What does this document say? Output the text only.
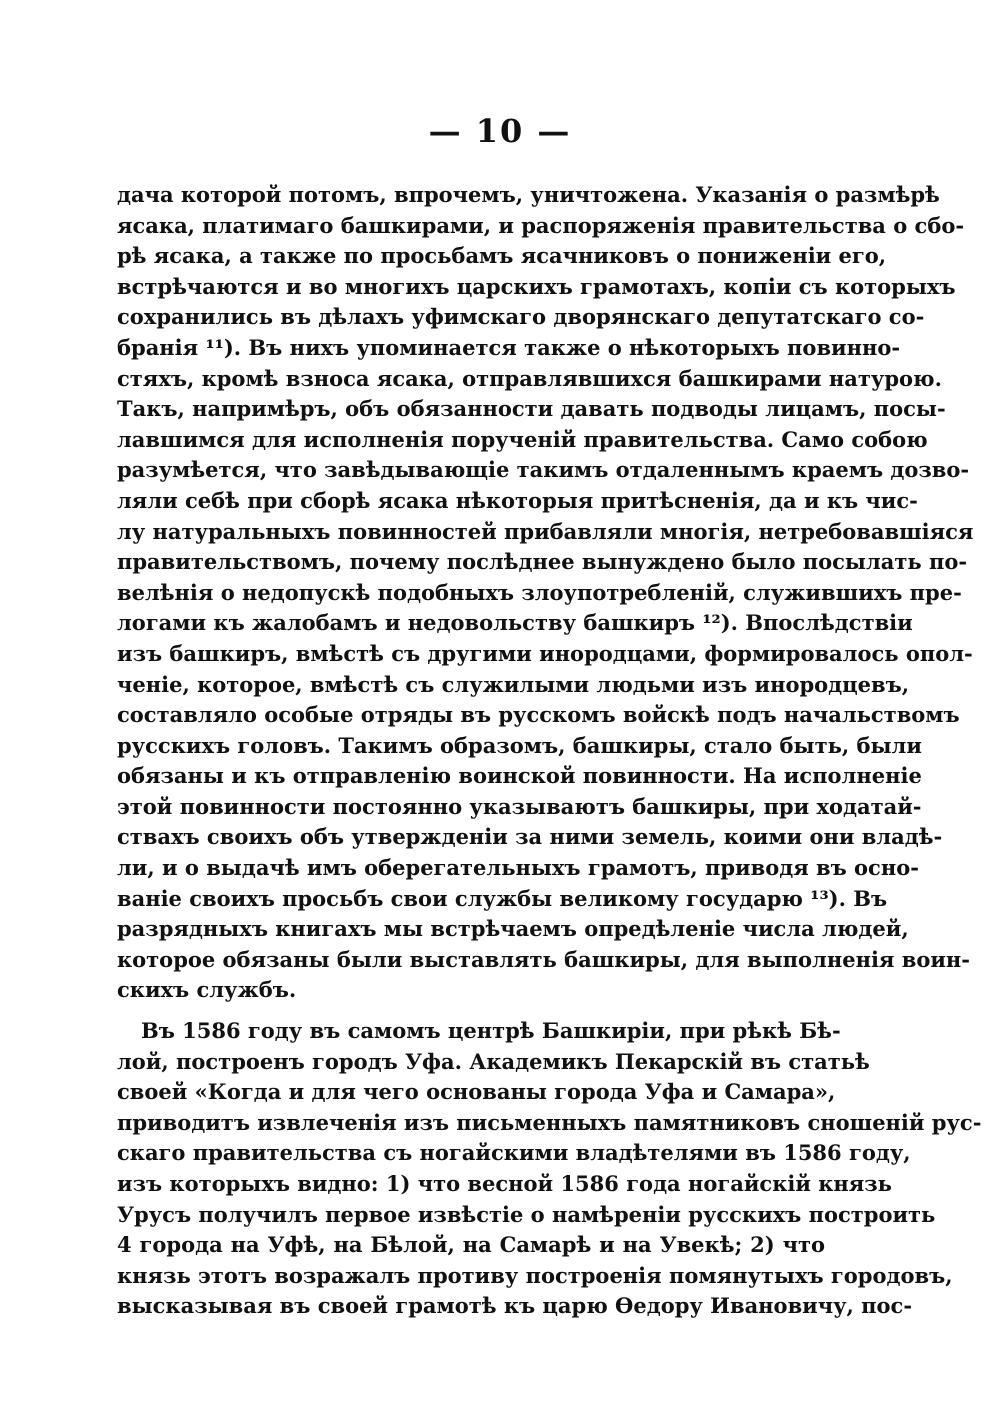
— 10 —
дача которой потомъ, впрочемъ, уничтожена. Указанія о размѣрѣ
ясака, платимаго башкирами, и распоряженія правительства о сбо-
рѣ ясака, а также по просьбамъ ясачниковъ о пониженіи его,
встрѣчаются и во многихъ царскихъ грамотахъ, копіи съ которыхъ
сохранились въ дѣлахъ уфимскаго дворянскаго депутатскаго со-
бранія ¹¹). Въ нихъ упоминается также о нѣкоторыхъ повинно-
стяхъ, кромѣ взноса ясака, отправлявшихся башкирами натурою.
Такъ, напримѣръ, объ обязанности давать подводы лицамъ, посы-
лавшимся для исполненія порученій правительства. Само собою
разумѣется, что завѣдывающіе такимъ отдаленнымъ краемъ дозво-
ляли себѣ при сборѣ ясака нѣкоторыя притѣсненія, да и къ чис-
лу натуральныхъ повинностей прибавляли многія, нетребовавшіяся
правительствомъ, почему послѣднее вынуждено было посылать по-
велѣнія о недопускѣ подобныхъ злоупотребленій, служившихъ пре-
логами къ жалобамъ и недовольству башкиръ ¹²). Впослѣдствіи
изъ башкиръ, вмѣстѣ съ другими инородцами, формировалось опол-
ченіе, которое, вмѣстѣ съ служилыми людьми изъ инородцевъ,
составляло особые отряды въ русскомъ войскѣ подъ начальствомъ
русскихъ головъ. Такимъ образомъ, башкиры, стало быть, были
обязаны и къ отправленію воинской повинности. На исполненіе
этой повинности постоянно указываютъ башкиры, при ходатай-
ствахъ своихъ объ утвержденіи за ними земель, коими они владѣ-
ли, и о выдачѣ имъ оберегательныхъ грамотъ, приводя въ осно-
ваніе своихъ просьбъ свои службы великому государю ¹³). Въ
разрядныхъ книгахъ мы встрѣчаемъ опредѣленіе числа людей,
которое обязаны были выставлять башкиры, для выполненія воин-
скихъ службъ.
Въ 1586 году въ самомъ центрѣ Башкиріи, при рѣкѣ Бѣ-
лой, построенъ городъ Уфа. Академикъ Пекарскій въ статьѣ
своей «Когда и для чего основаны города Уфа и Самара»,
приводитъ извлеченія изъ письменныхъ памятниковъ сношеній рус-
скаго правительства съ ногайскими владѣтелями въ 1586 году,
изъ которыхъ видно: 1) что весной 1586 года ногайскій князь
Урусъ получилъ первое извѣстіе о намѣреніи русскихъ построить
4 города на Уфѣ, на Бѣлой, на Самарѣ и на Увекѣ; 2) что
князь этотъ возражалъ противу построенія помянутыхъ городовъ,
высказывая въ своей грамотѣ къ царю Ѳедору Ивановичу, пос-
